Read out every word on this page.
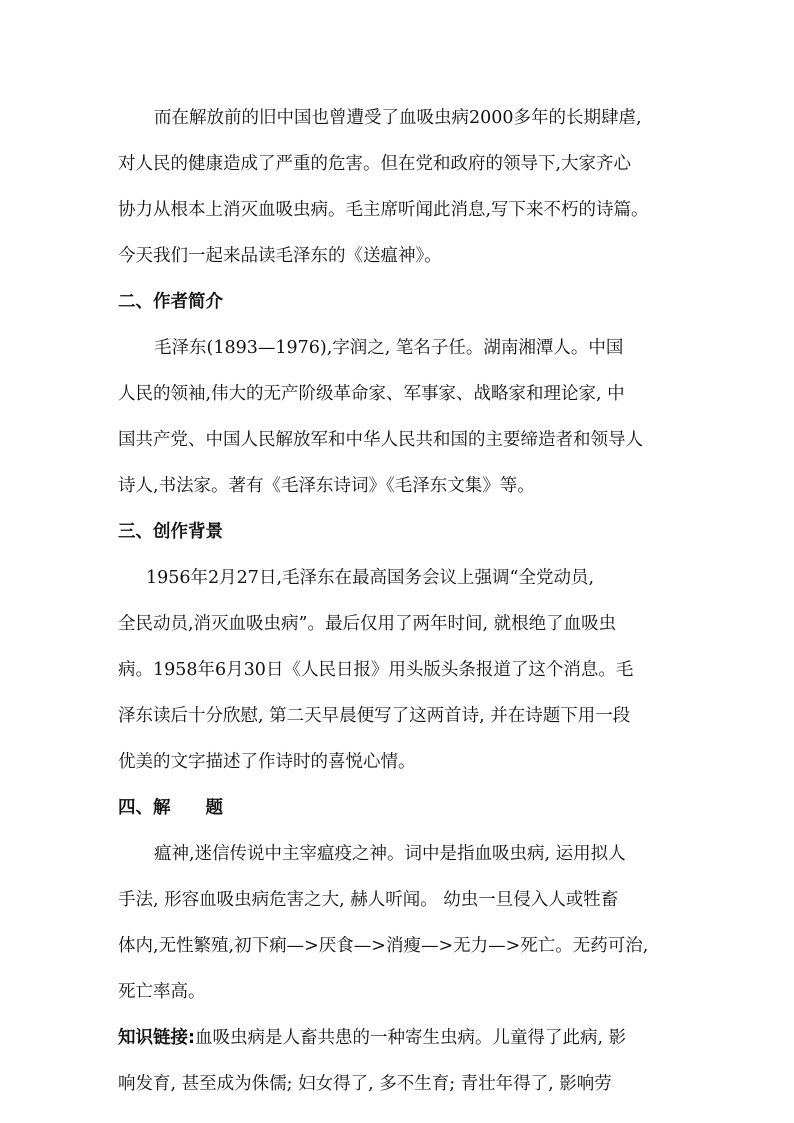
而在解放前的旧中国也曾遭受了血吸虫病2000多年的长期肆虐,
对人民的健康造成了严重的危害。但在党和政府的领导下,大家齐心
协力从根本上消灭血吸虫病。毛主席听闻此消息,写下来不朽的诗篇。
今天我们一起来品读毛泽东的《送瘟神》。
二、作者简介
毛泽东(1893—1976),字润之, 笔名子任。湖南湘潭人。中国
人民的领袖,伟大的无产阶级革命家、军事家、战略家和理论家, 中
国共产党、中国人民解放军和中华人民共和国的主要缔造者和领导人
诗人,书法家。著有《毛泽东诗词》《毛泽东文集》等。
三、创作背景
1956年2月27日,毛泽东在最高国务会议上强调“全党动员,
全民动员,消灭血吸虫病”。最后仅用了两年时间, 就根绝了血吸虫
病。1958年6月30日《人民日报》用头版头条报道了这个消息。毛
泽东读后十分欣慰, 第二天早晨便写了这两首诗, 并在诗题下用一段
优美的文字描述了作诗时的喜悦心情。
四、解　　题
瘟神,迷信传说中主宰瘟疫之神。词中是指血吸虫病, 运用拟人
手法, 形容血吸虫病危害之大, 赫人听闻。 幼虫一旦侵入人或牲畜
体内,无性繁殖,初下痢—>厌食—>消瘦—>无力—>死亡。无药可治,
死亡率高。
知识链接:血吸虫病是人畜共患的一种寄生虫病。儿童得了此病, 影
响发育, 甚至成为侏儒; 妇女得了, 多不生育; 青壮年得了, 影响劳
